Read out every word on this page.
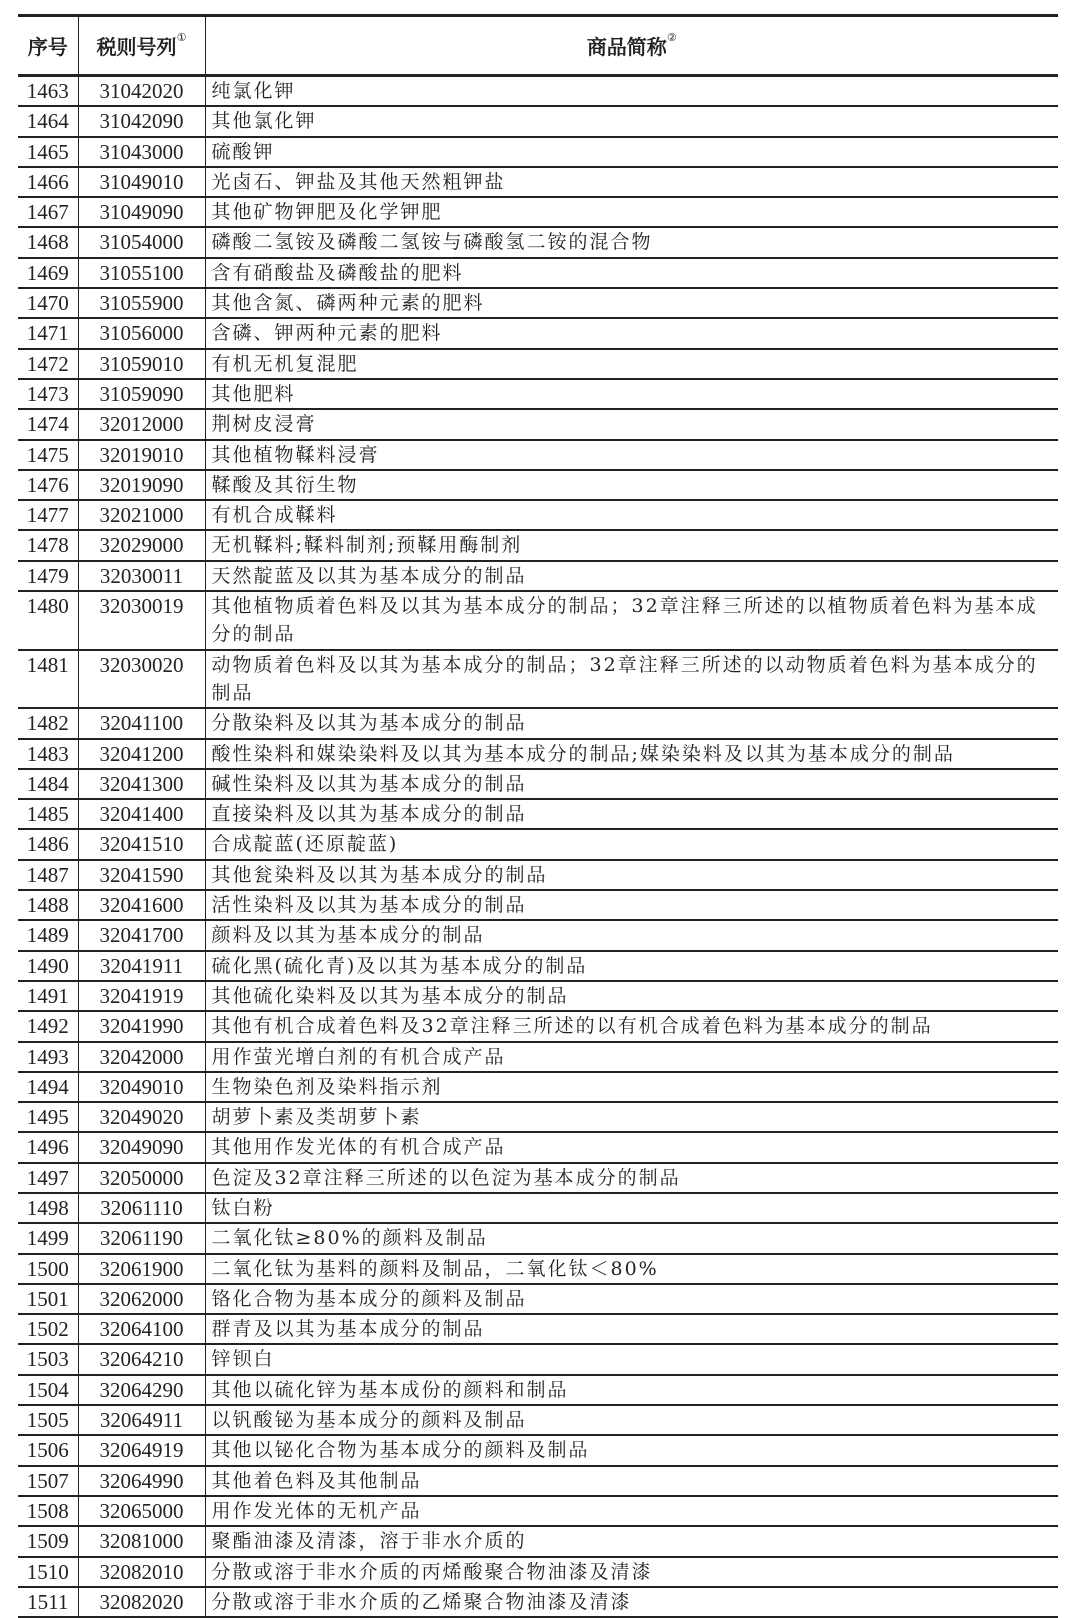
序号	税则号列①	商品简称②
1463	31042020	纯氯化钾
1464	31042090	其他氯化钾
1465	31043000	硫酸钾
1466	31049010	光卤石、钾盐及其他天然粗钾盐
1467	31049090	其他矿物钾肥及化学钾肥
1468	31054000	磷酸二氢铵及磷酸二氢铵与磷酸氢二铵的混合物
1469	31055100	含有硝酸盐及磷酸盐的肥料
1470	31055900	其他含氮、磷两种元素的肥料
1471	31056000	含磷、钾两种元素的肥料
1472	31059010	有机无机复混肥
1473	31059090	其他肥料
1474	32012000	荆树皮浸膏
1475	32019010	其他植物鞣料浸膏
1476	32019090	鞣酸及其衍生物
1477	32021000	有机合成鞣料
1478	32029000	无机鞣料;鞣料制剂;预鞣用酶制剂
1479	32030011	天然靛蓝及以其为基本成分的制品
1480	32030019	其他植物质着色料及以其为基本成分的制品；32章注释三所述的以植物质着色料为基本成分的制品
1481	32030020	动物质着色料及以其为基本成分的制品；32章注释三所述的以动物质着色料为基本成分的制品
1482	32041100	分散染料及以其为基本成分的制品
1483	32041200	酸性染料和媒染染料及以其为基本成分的制品;媒染染料及以其为基本成分的制品
1484	32041300	碱性染料及以其为基本成分的制品
1485	32041400	直接染料及以其为基本成分的制品
1486	32041510	合成靛蓝(还原靛蓝)
1487	32041590	其他瓮染料及以其为基本成分的制品
1488	32041600	活性染料及以其为基本成分的制品
1489	32041700	颜料及以其为基本成分的制品
1490	32041911	硫化黑(硫化青)及以其为基本成分的制品
1491	32041919	其他硫化染料及以其为基本成分的制品
1492	32041990	其他有机合成着色料及32章注释三所述的以有机合成着色料为基本成分的制品
1493	32042000	用作萤光增白剂的有机合成产品
1494	32049010	生物染色剂及染料指示剂
1495	32049020	胡萝卜素及类胡萝卜素
1496	32049090	其他用作发光体的有机合成产品
1497	32050000	色淀及32章注释三所述的以色淀为基本成分的制品
1498	32061110	钛白粉
1499	32061190	二氧化钛≥80%的颜料及制品
1500	32061900	二氧化钛为基料的颜料及制品，二氧化钛＜80%
1501	32062000	铬化合物为基本成分的颜料及制品
1502	32064100	群青及以其为基本成分的制品
1503	32064210	锌钡白
1504	32064290	其他以硫化锌为基本成份的颜料和制品
1505	32064911	以钒酸铋为基本成分的颜料及制品
1506	32064919	其他以铋化合物为基本成分的颜料及制品
1507	32064990	其他着色料及其他制品
1508	32065000	用作发光体的无机产品
1509	32081000	聚酯油漆及清漆，溶于非水介质的
1510	32082010	分散或溶于非水介质的丙烯酸聚合物油漆及清漆
1511	32082020	分散或溶于非水介质的乙烯聚合物油漆及清漆
